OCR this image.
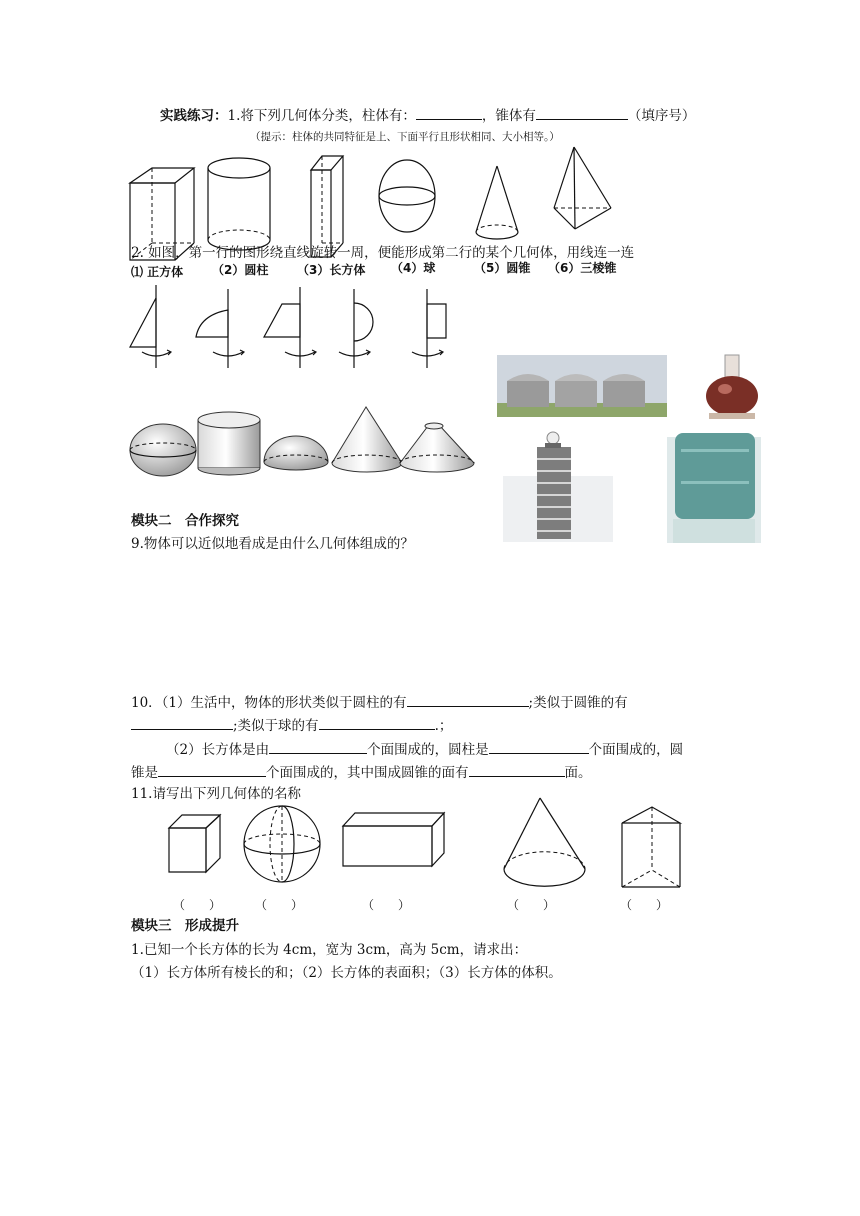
实践练习：1.将下列几何体分类，柱体有：	，锥体有	（填序号）
（提示：柱体的共同特征是上、下面平行且形状相同、大小相等。）
2. 如图，第一行的图形绕直线旋转一周，便能形成第二行的某个几何体，用线连一连
⑴ 正方体 （2）圆柱 （3）长方体 （4）球	（5）圆锥 （6）三棱锥
模块二　合作探究
9.物体可以近似地看成是由什么几何体组成的？
10．（1）生活中，物体的形状类似于圆柱的有	;类似于圆锥的有
;类似于球的有	.；
（2）长方体是由	个面围成的，圆柱是	个面围成的，圆
锥是	个面围成的，其中围成圆锥的面有	面。
11.请写出下列几何体的名称
（　　）	（　　）	（　　）	（　　）	（　　）
模块三　形成提升
1.已知一个长方体的长为 4cm，宽为 3cm，高为 5cm，请求出：
（1）长方体所有棱长的和；（2）长方体的表面积；（3）长方体的体积。
